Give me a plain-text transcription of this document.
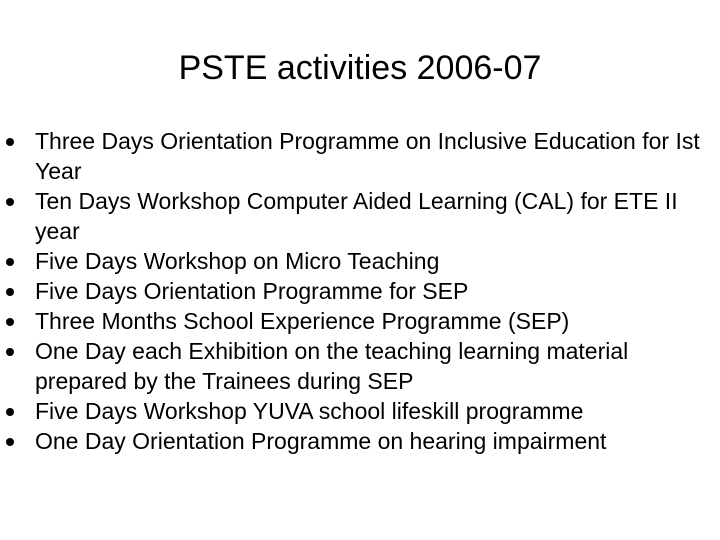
PSTE activities 2006-07
Three Days Orientation Programme on Inclusive Education for Ist Year
Ten Days Workshop Computer Aided Learning (CAL) for ETE II year
Five Days Workshop on Micro Teaching
Five Days Orientation Programme for SEP
Three Months School Experience Programme (SEP)
One Day each Exhibition on the teaching learning material prepared by the Trainees during SEP
Five Days Workshop YUVA school lifeskill programme
One Day Orientation Programme on hearing impairment
